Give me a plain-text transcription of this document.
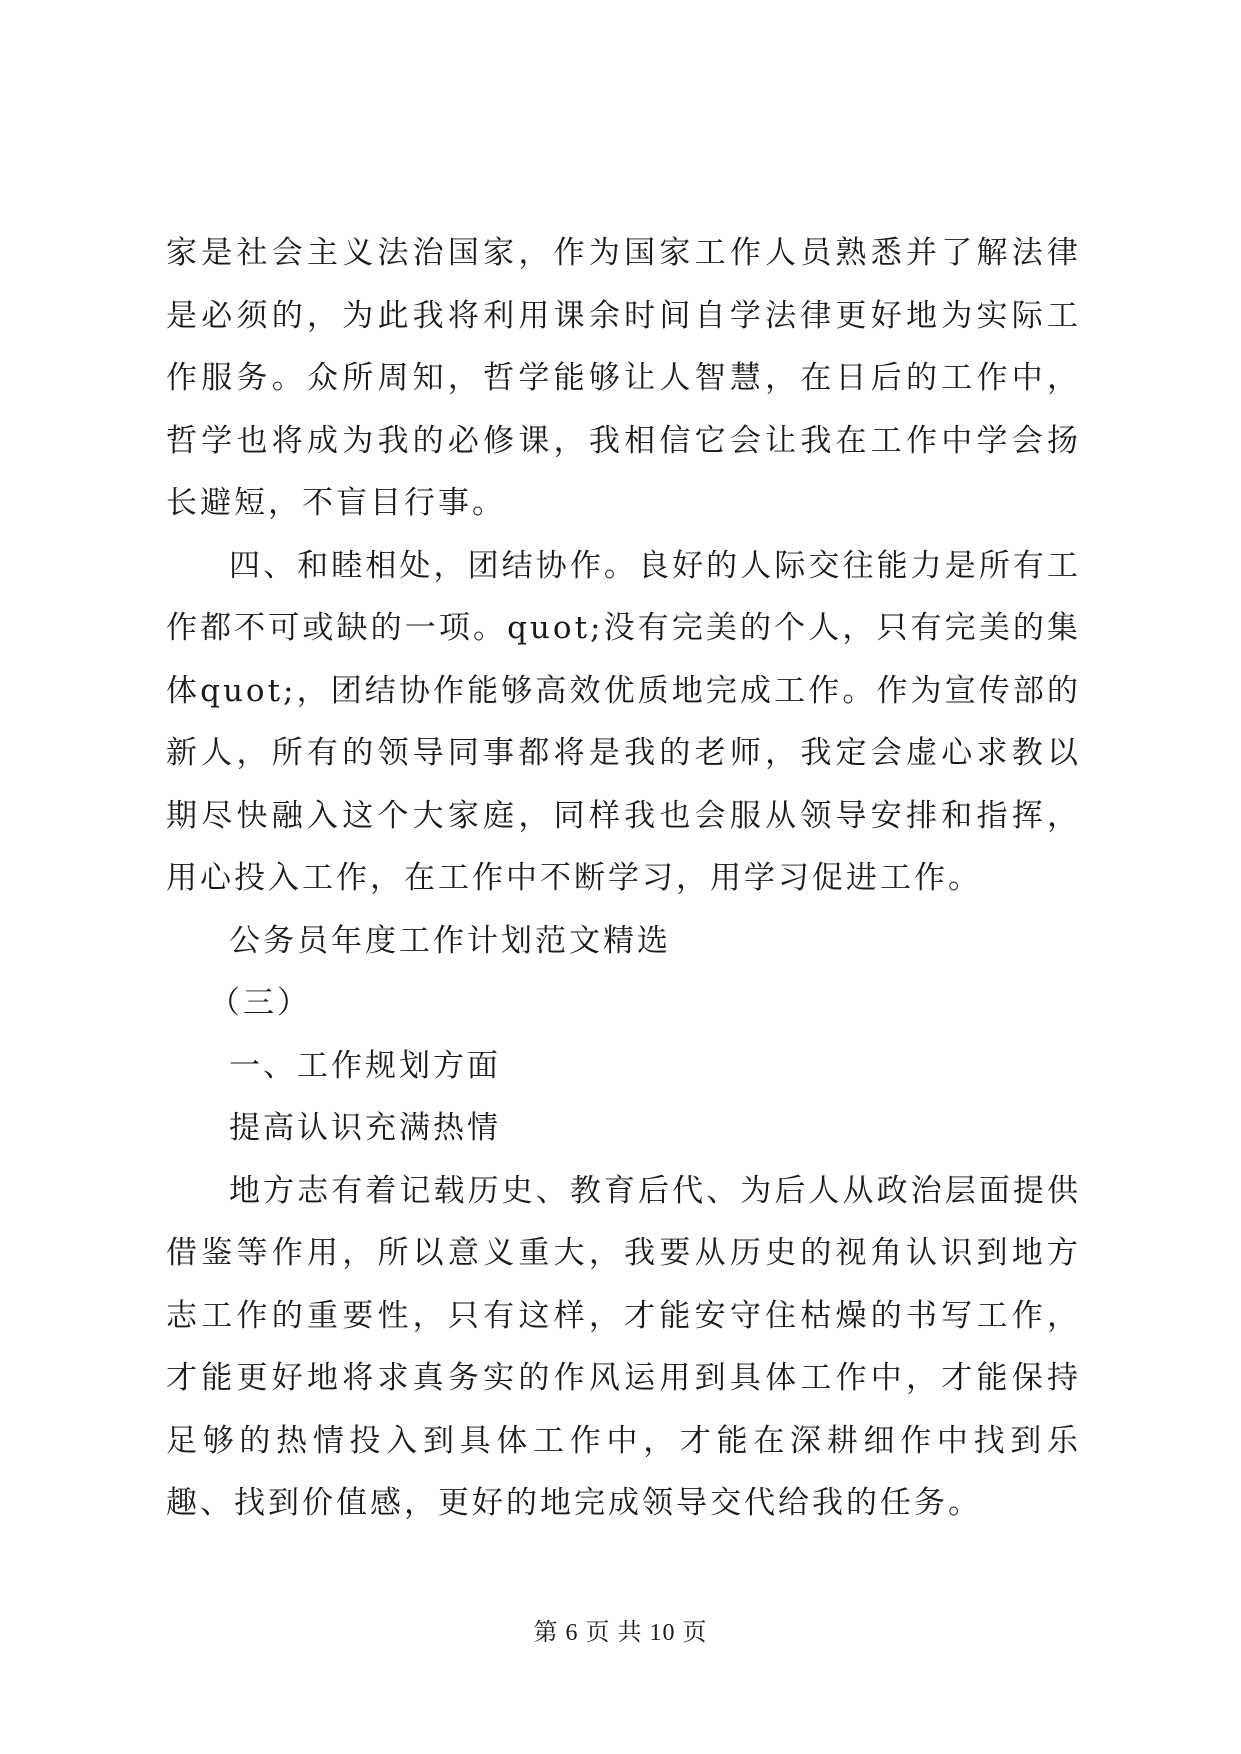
家是社会主义法治国家，作为国家工作人员熟悉并了解法律是必须的，为此我将利用课余时间自学法律更好地为实际工作服务。众所周知，哲学能够让人智慧，在日后的工作中，哲学也将成为我的必修课，我相信它会让我在工作中学会扬长避短，不盲目行事。

四、和睦相处，团结协作。良好的人际交往能力是所有工作都不可或缺的一项。quot;没有完美的个人，只有完美的集体quot;，团结协作能够高效优质地完成工作。作为宣传部的新人，所有的领导同事都将是我的老师，我定会虚心求教以期尽快融入这个大家庭，同样我也会服从领导安排和指挥，用心投入工作，在工作中不断学习，用学习促进工作。

公务员年度工作计划范文精选

（三）

一、工作规划方面

提高认识充满热情

地方志有着记载历史、教育后代、为后人从政治层面提供借鉴等作用，所以意义重大，我要从历史的视角认识到地方志工作的重要性，只有这样，才能安守住枯燥的书写工作，才能更好地将求真务实的作风运用到具体工作中，才能保持足够的热情投入到具体工作中，才能在深耕细作中找到乐趣、找到价值感，更好的地完成领导交代给我的任务。

第 6 页 共 10 页
